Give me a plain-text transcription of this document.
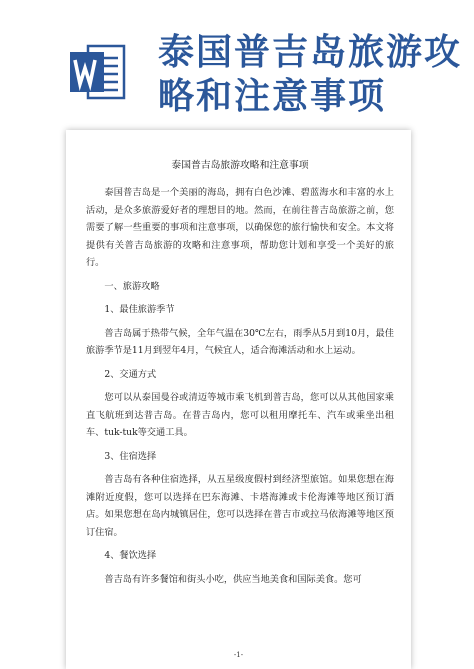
泰国普吉岛旅游攻
略和注意事项
泰国普吉岛旅游攻略和注意事项
泰国普吉岛是一个美丽的海岛，拥有白色沙滩、碧蓝海水和丰富的水上活动，是众多旅游爱好者的理想目的地。然而，在前往普吉岛旅游之前，您需要了解一些重要的事项和注意事项，以确保您的旅行愉快和安全。本文将提供有关普吉岛旅游的攻略和注意事项，帮助您计划和享受一个美好的旅行。
一、旅游攻略
1、最佳旅游季节
普吉岛属于热带气候，全年气温在30℃左右，雨季从5月到10月，最佳旅游季节是11月到翌年4月，气候宜人，适合海滩活动和水上运动。
2、交通方式
您可以从泰国曼谷或清迈等城市乘飞机到普吉岛，您可以从其他国家乘直飞航班到达普吉岛。在普吉岛内，您可以租用摩托车、汽车或乘坐出租车、tuk-tuk等交通工具。
3、住宿选择
普吉岛有各种住宿选择，从五星级度假村到经济型旅馆。如果您想在海滩附近度假，您可以选择在巴东海滩、卡塔海滩或卡伦海滩等地区预订酒店。如果您想在岛内城镇居住，您可以选择在普吉市或拉马依海滩等地区预订住宿。
4、餐饮选择
普吉岛有许多餐馆和街头小吃，供应当地美食和国际美食。您可
-1-
